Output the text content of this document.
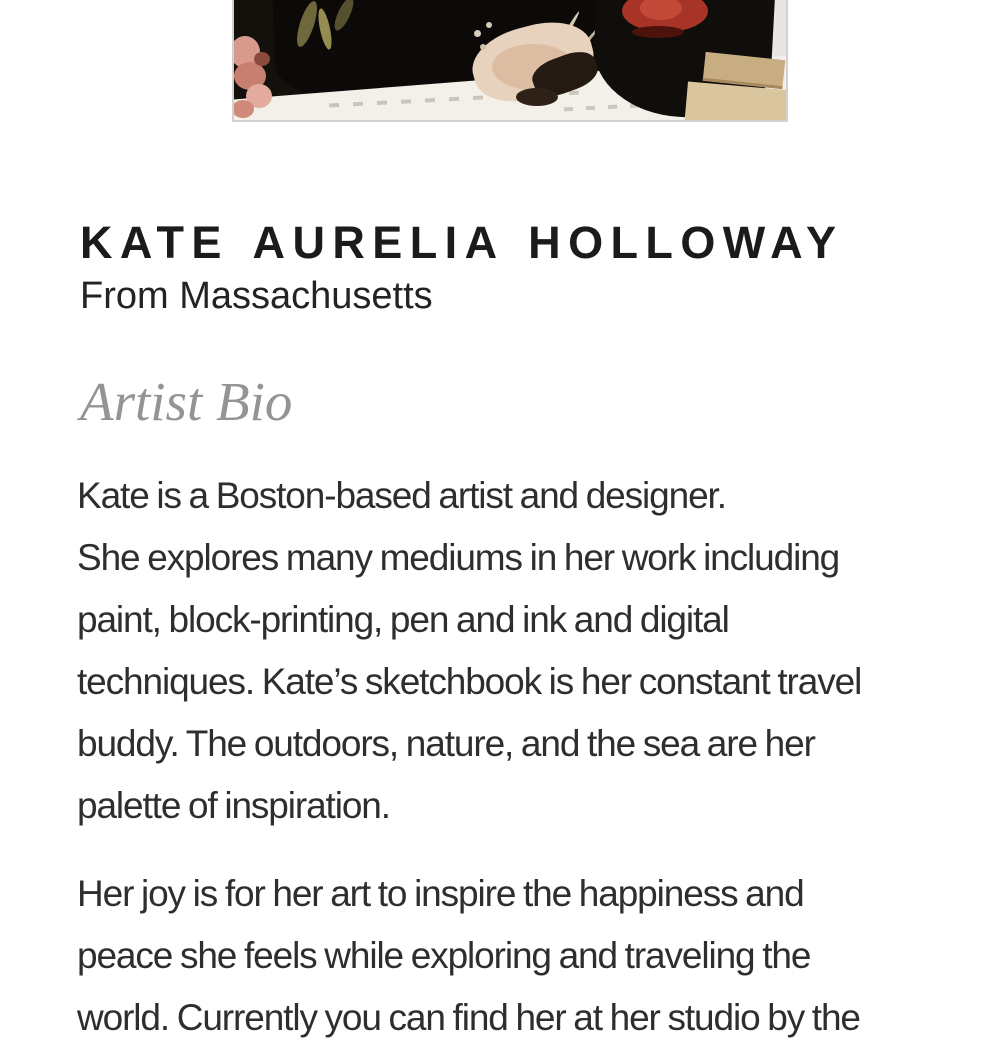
KATE AURELIA HOLLOWAY
From Massachusetts
Artist Bio
Kate is a Boston-based artist and designer.
She explores many mediums in her work including
paint, block-printing, pen and ink and digital
techniques. Kate’s sketchbook is her constant travel
buddy. The outdoors, nature, and the sea are her
palette of inspiration.
Her joy is for her art to inspire the happiness and
peace she feels while exploring and traveling the
world. Currently you can find her at her studio by the
